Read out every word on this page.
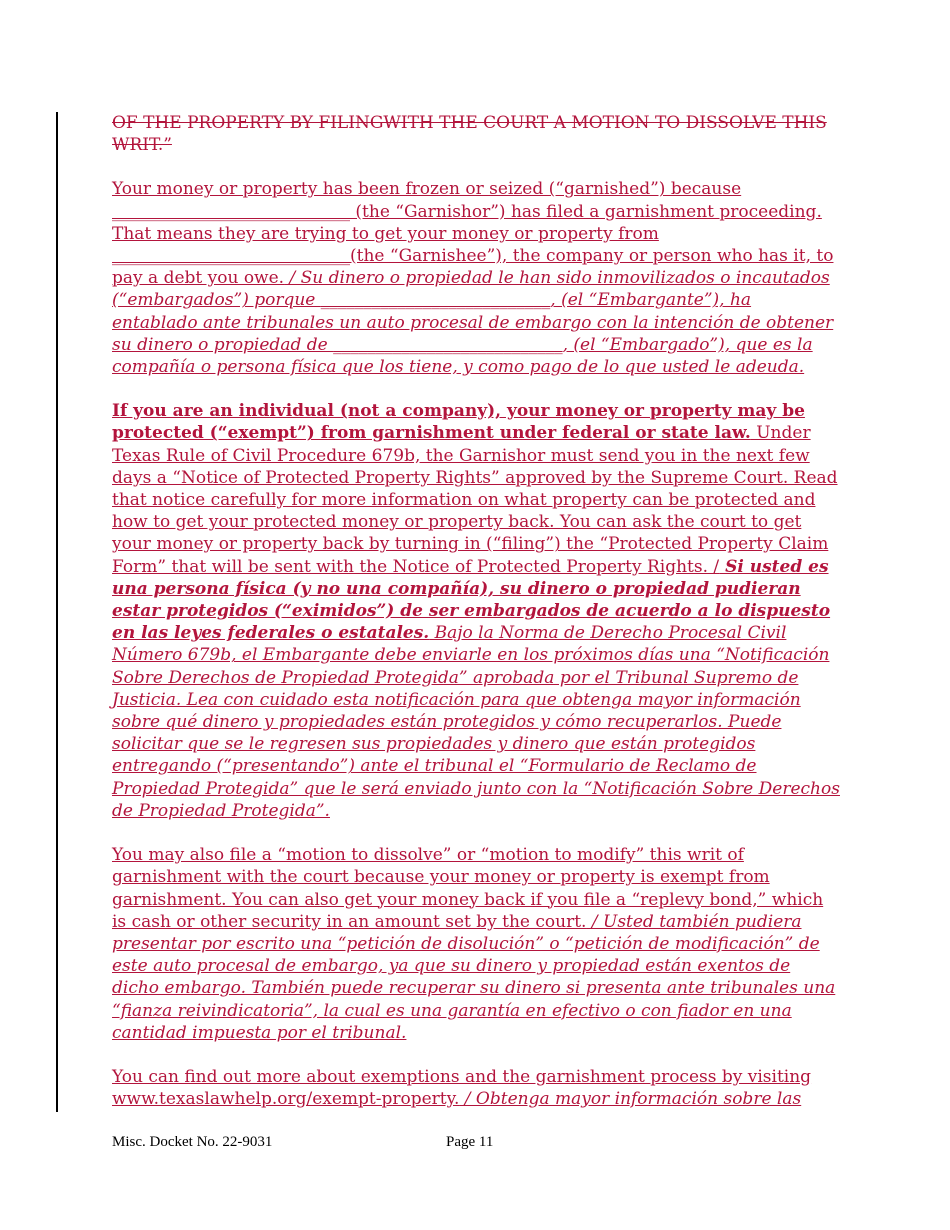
OF THE PROPERTY BY FILINGWITH THE COURT A MOTION TO DISSOLVE THIS WRIT.”

Your money or property has been frozen or seized (“garnished”) because ____________________________ (the “Garnishor”) has filed a garnishment proceeding. That means they are trying to get your money or property from ____________________________(the “Garnishee”), the company or person who has it, to pay a debt you owe. / Su dinero o propiedad le han sido inmovilizados o incautados (“embargados”) porque ___________________________, (el “Embargante”), ha entablado ante tribunales un auto procesal de embargo con la intención de obtener su dinero o propiedad de ___________________________, (el “Embargado”), que es la compañía o persona física que los tiene, y como pago de lo que usted le adeuda.

If you are an individual (not a company), your money or property may be protected (“exempt”) from garnishment under federal or state law. Under Texas Rule of Civil Procedure 679b, the Garnishor must send you in the next few days a “Notice of Protected Property Rights” approved by the Supreme Court. Read that notice carefully for more information on what property can be protected and how to get your protected money or property back. You can ask the court to get your money or property back by turning in (“filing”) the “Protected Property Claim Form” that will be sent with the Notice of Protected Property Rights. / Si usted es una persona física (y no una compañía), su dinero o propiedad pudieran estar protegidos (“eximidos”) de ser embargados de acuerdo a lo dispuesto en las leyes federales o estatales. Bajo la Norma de Derecho Procesal Civil Número 679b, el Embargante debe enviarle en los próximos días una “Notificación Sobre Derechos de Propiedad Protegida” aprobada por el Tribunal Supremo de Justicia. Lea con cuidado esta notificación para que obtenga mayor información sobre qué dinero y propiedades están protegidos y cómo recuperarlos. Puede solicitar que se le regresen sus propiedades y dinero que están protegidos entregando (“presentando”) ante el tribunal el “Formulario de Reclamo de Propiedad Protegida” que le será enviado junto con la “Notificación Sobre Derechos de Propiedad Protegida”.

You may also file a “motion to dissolve” or “motion to modify” this writ of garnishment with the court because your money or property is exempt from garnishment. You can also get your money back if you file a “replevy bond,” which is cash or other security in an amount set by the court. / Usted también pudiera presentar por escrito una “petición de disolución” o “petición de modificación” de este auto procesal de embargo, ya que su dinero y propiedad están exentos de dicho embargo. También puede recuperar su dinero si presenta ante tribunales una “fianza reivindicatoria”, la cual es una garantía en efectivo o con fiador en una cantidad impuesta por el tribunal.

You can find out more about exemptions and the garnishment process by visiting www.texaslawhelp.org/exempt-property. / Obtenga mayor información sobre las

Misc. Docket No. 22-9031	Page 11
